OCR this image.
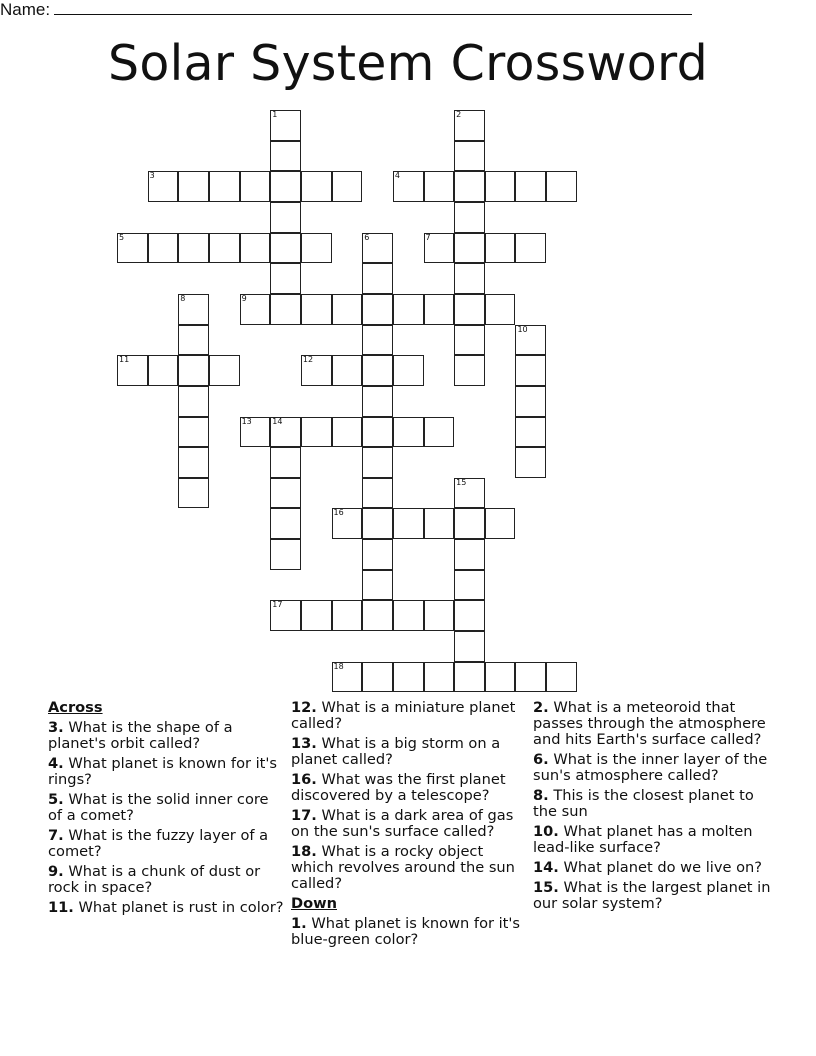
Name:
Solar System Crossword
1	2
3	4
5	6	7
8	9
10
11	12
13	14
15
16
17
18
Across
3. What is the shape of a planet's orbit called?
4. What planet is known for it's rings?
5. What is the solid inner core of a comet?
7. What is the fuzzy layer of a comet?
9. What is a chunk of dust or rock in space?
11. What planet is rust in color?
12. What is a miniature planet called?
13. What is a big storm on a planet called?
16. What was the first planet discovered by a telescope?
17. What is a dark area of gas on the sun's surface called?
18. What is a rocky object which revolves around the sun called?
Down
1. What planet is known for it's blue-green color?
2. What is a meteoroid that passes through the atmosphere and hits Earth's surface called?
6. What is the inner layer of the sun's atmosphere called?
8. This is the closest planet to the sun
10. What planet has a molten lead-like surface?
14. What planet do we live on?
15. What is the largest planet in our solar system?
